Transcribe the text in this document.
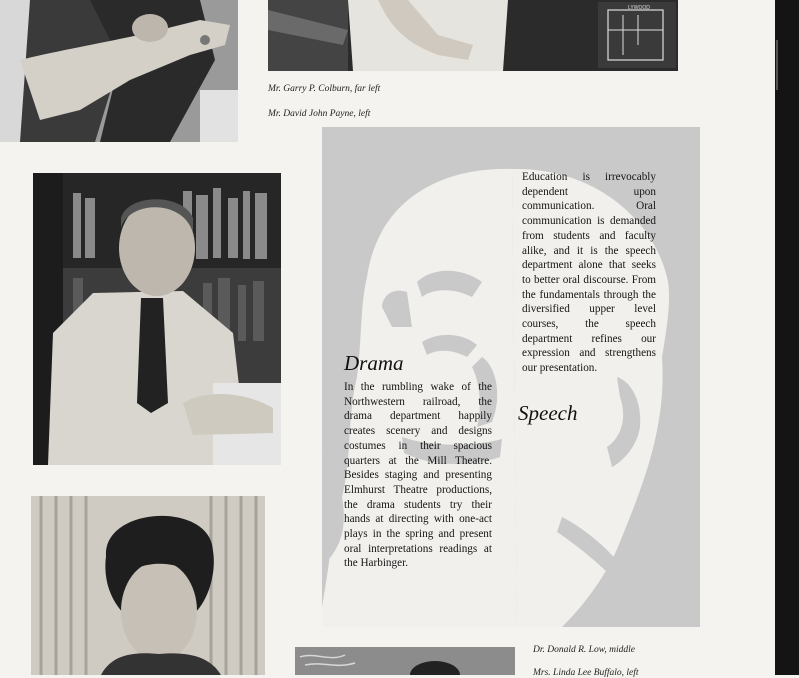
LYWOOD
Mr. Garry P. Colburn, far left
Mr. David John Payne, left
Education is irrevocably dependent upon communication. Oral communication is demanded from students and faculty alike, and it is the speech department alone that seeks to better oral discourse. From the fundamentals through the diversified upper level courses, the speech department refines our expression and strengthens our presentation.
Speech
Drama
In the rumbling wake of the Northwestern railroad, the drama department happily creates scenery and designs costumes in their spacious quarters at the Mill Theatre. Besides staging and presenting Elmhurst Theatre productions, the drama students try their hands at directing with one-act plays in the spring and present oral interpretations readings at the Harbinger.
Dr. Donald R. Low, middle
Mrs. Linda Lee Buffalo, left
